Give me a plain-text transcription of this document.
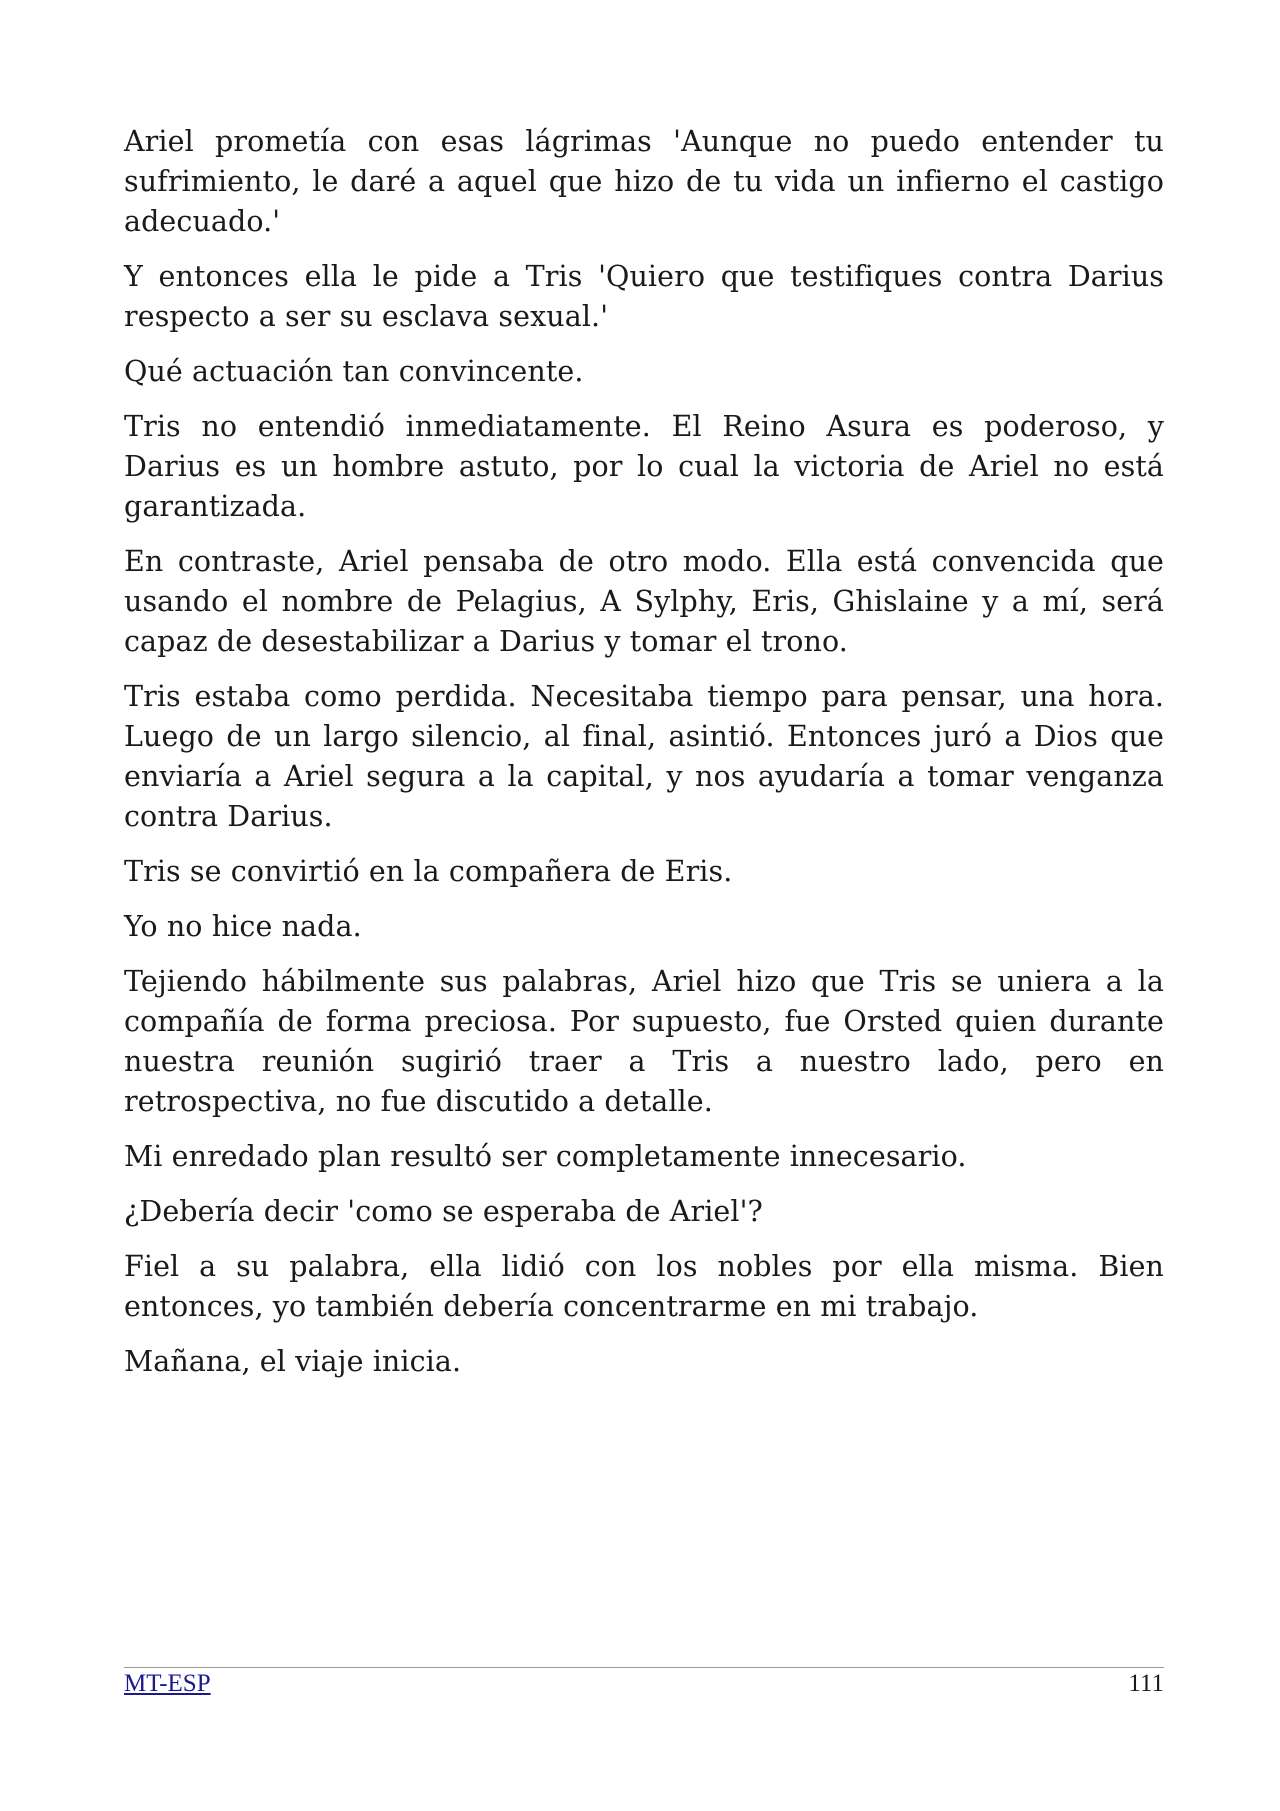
Ariel prometía con esas lágrimas 'Aunque no puedo entender tu sufrimiento, le daré a aquel que hizo de tu vida un infierno el castigo adecuado.'

Y entonces ella le pide a Tris 'Quiero que testifiques contra Darius respecto a ser su esclava sexual.'

Qué actuación tan convincente.

Tris no entendió inmediatamente. El Reino Asura es poderoso, y Darius es un hombre astuto, por lo cual la victoria de Ariel no está garantizada.

En contraste, Ariel pensaba de otro modo. Ella está convencida que usando el nombre de Pelagius, A Sylphy, Eris, Ghislaine y a mí, será capaz de desestabilizar a Darius y tomar el trono.

Tris estaba como perdida. Necesitaba tiempo para pensar, una hora. Luego de un largo silencio, al final, asintió. Entonces juró a Dios que enviaría a Ariel segura a la capital, y nos ayudaría a tomar venganza contra Darius.

Tris se convirtió en la compañera de Eris.

Yo no hice nada.

Tejiendo hábilmente sus palabras, Ariel hizo que Tris se uniera a la compañía de forma preciosa. Por supuesto, fue Orsted quien durante nuestra reunión sugirió traer a Tris a nuestro lado, pero en retrospectiva, no fue discutido a detalle.

Mi enredado plan resultó ser completamente innecesario.

¿Debería decir 'como se esperaba de Ariel'?

Fiel a su palabra, ella lidió con los nobles por ella misma. Bien entonces, yo también debería concentrarme en mi trabajo.

Mañana, el viaje inicia.

MT-ESP	111
